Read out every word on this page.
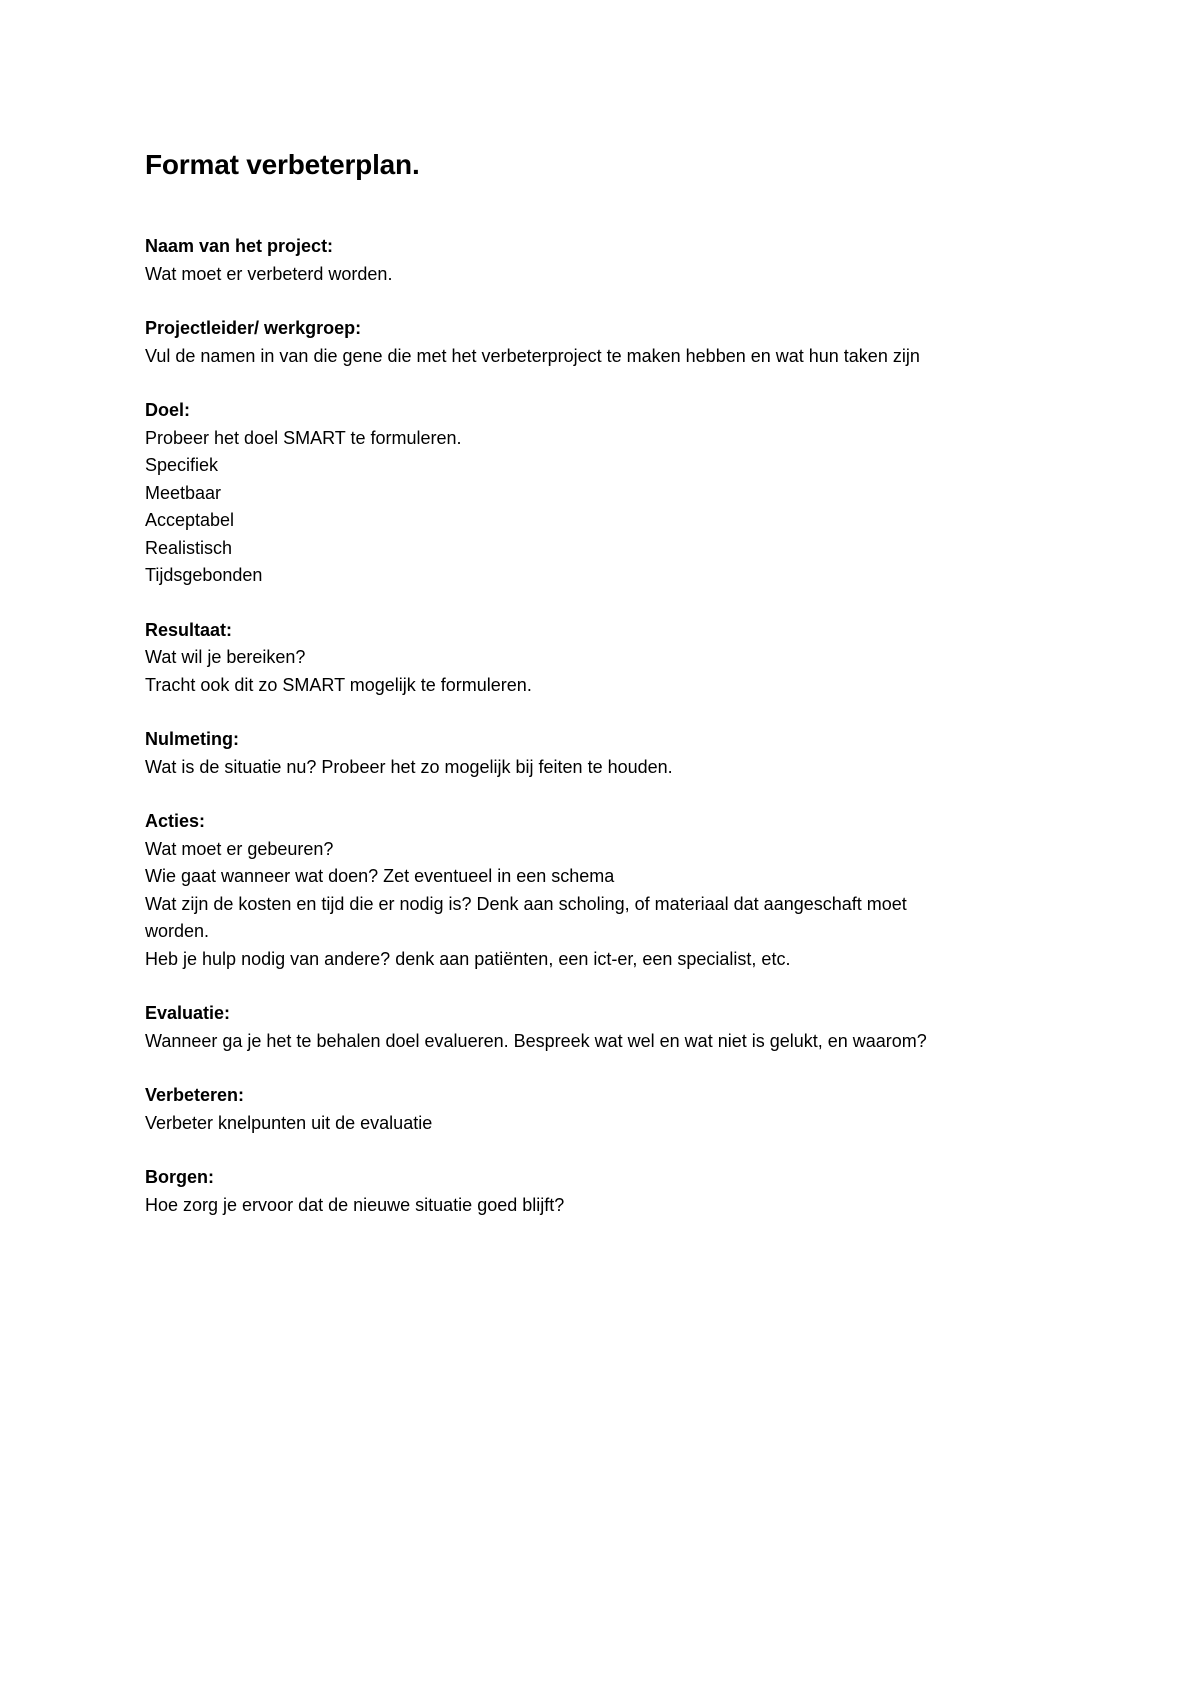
Format verbeterplan.

Naam van het project:

Wat moet er verbeterd worden.

Projectleider/ werkgroep:

Vul de namen in van die gene die met het verbeterproject te maken hebben en wat hun taken zijn

Doel:

Probeer het doel SMART te formuleren.

Specifiek

Meetbaar

Acceptabel

Realistisch

Tijdsgebonden

Resultaat:

Wat wil je bereiken?

Tracht ook dit zo SMART mogelijk te formuleren.

Nulmeting:

Wat is de situatie nu? Probeer het zo mogelijk bij feiten te houden.

Acties:

Wat moet er gebeuren?

Wie gaat wanneer wat doen? Zet eventueel in een schema

Wat zijn de kosten en tijd die er nodig is? Denk aan scholing, of materiaal dat aangeschaft moet

worden.

Heb je hulp nodig van andere? denk aan patiënten, een ict-er, een specialist, etc.

Evaluatie:

Wanneer ga je het te behalen doel evalueren. Bespreek wat wel en wat niet is gelukt, en waarom?

Verbeteren:

Verbeter knelpunten uit de evaluatie

Borgen:

Hoe zorg je ervoor dat de nieuwe situatie goed blijft?
